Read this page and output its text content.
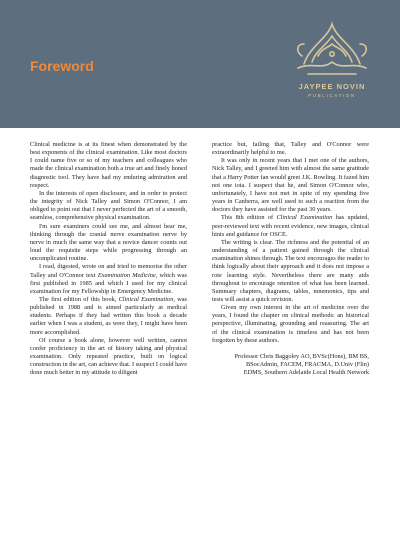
Foreword
JAYPEE NOVIN
PUBLICATION

Clinical medicine is at its finest when demonstrated by the best exponents of the clinical examination. Like most doctors I could name five or so of my teachers and colleagues who made the clinical examination both a true art and finely honed diagnostic tool. They have had my enduring admiration and respect.

In the interests of open disclosure, and in order to protect the integrity of Nick Talley and Simon O'Connor, I am obliged to point out that I never perfected the art of a smooth, seamless, comprehensive physical examination.

I'm sure examiners could see me, and almost hear me, thinking through the cranial nerve examination nerve by nerve in much the same way that a novice dancer counts out loud the requisite steps while progressing through an uncomplicated routine.

I read, digested, wrote on and tried to memorise the other Talley and O'Connor text Examination Medicine, which was first published in 1985 and which I used for my clinical examination for my Fellowship in Emergency Medicine.

The first edition of this book, Clinical Examination, was published in 1988 and is aimed particularly at medical students. Perhaps if they had written this book a decade earlier when I was a student, as were they, I might have been more accomplished.

Of course a book alone, however well written, cannot confer proficiency in the art of history taking and physical examination. Only repeated practice, built on logical construction in the art, can achieve that. I suspect I could have done much better in my attitude to diligent

practice but, failing that, Talley and O'Connor were extraordinarily helpful to me.

It was only in recent years that I met one of the authors, Nick Talley, and I greeted him with almost the same gratitude that a Harry Potter fan would greet J.K. Rowling. It fazed him not one iota. I suspect that he, and Simon O'Connor who, unfortunately, I have not met in spite of my spending five years in Canberra, are well used to such a reaction from the doctors they have assisted for the past 30 years.

This 8th edition of Clinical Examination has updated, peer-reviewed text with recent evidence, new images, clinical hints and guidance for OSCE.

The writing is clear. The richness and the potential of an understanding of a patient gained through the clinical examination shines through. The text encourages the reader to think logically about their approach and it does not impose a rote learning style. Nevertheless there are many aids throughout to encourage retention of what has been learned. Summary chapters, diagrams, tables, mnemonics, tips and tests will assist a quick revision.

Given my own interest in the art of medicine over the years, I found the chapter on clinical methods: an historical perspective, illuminating, grounding and reassuring. The art of the clinical examination is timeless and has not been forgotten by these authors.

Professor Chris Baggoley AO, BVSc(Hons), BM BS,

BSocAdmin, FACEM, FRACMA, D.Univ (Flin)

EDMS, Southern Adelaide Local Health Network
